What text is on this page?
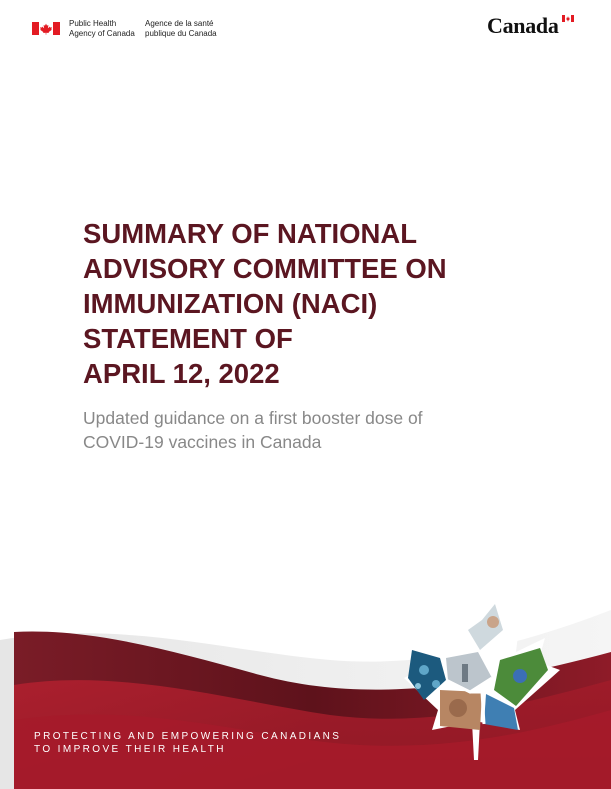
Public Health
Agency of Canada
Agence de la santé
publique du Canada	Canada
SUMMARY OF NATIONAL
ADVISORY COMMITTEE ON
IMMUNIZATION (NACI)
STATEMENT OF
APRIL 12, 2022

Updated guidance on a first booster dose of
COVID-19 vaccines in Canada

PROTECTING AND EMPOWERING CANADIANS
TO IMPROVE THEIR HEALTH
